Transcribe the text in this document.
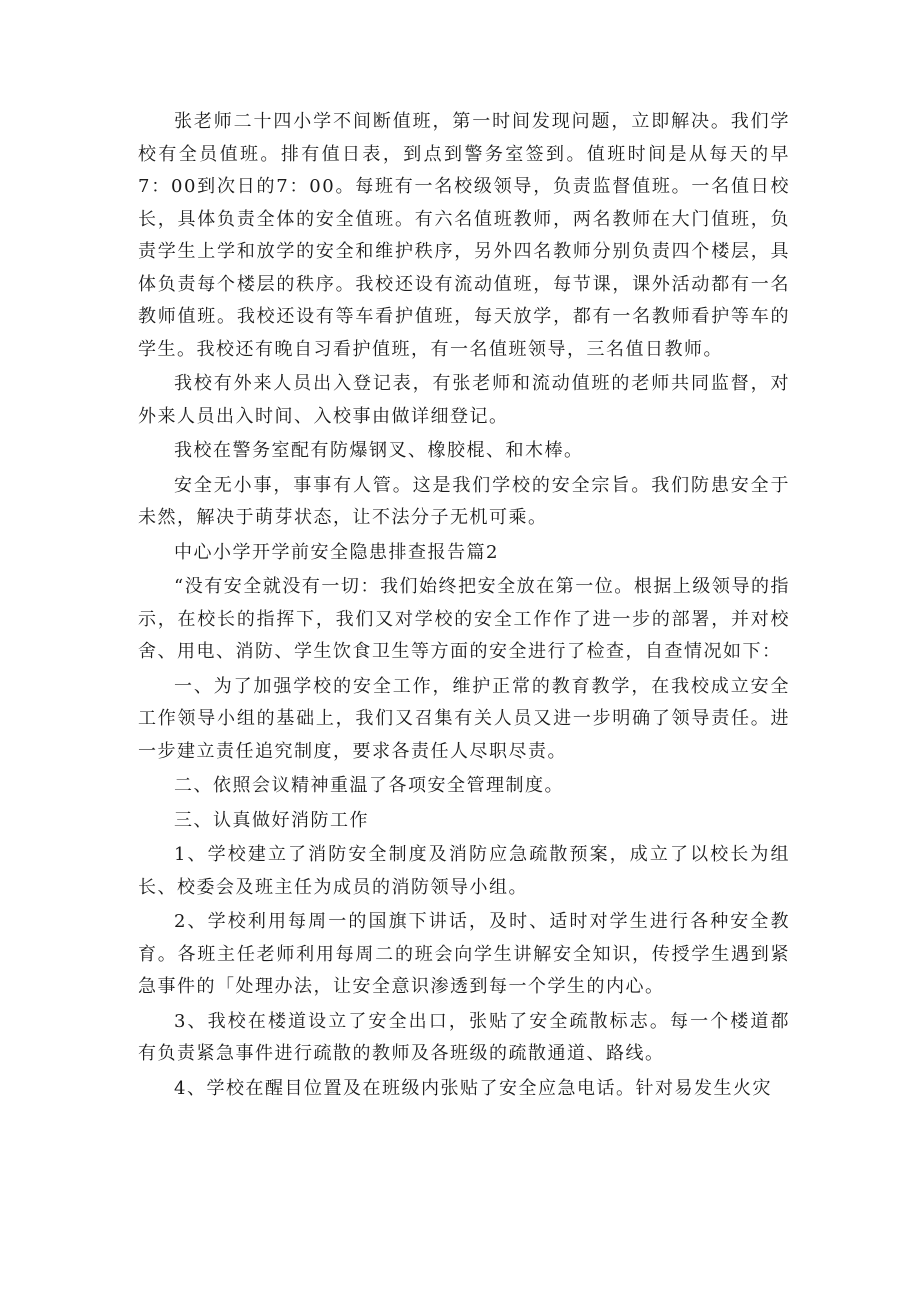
张老师二十四小学不间断值班，第一时间发现问题，立即解决。我们学校有全员值班。排有值日表，到点到警务室签到。值班时间是从每天的早7：00到次日的7：00。每班有一名校级领导，负责监督值班。一名值日校长，具体负责全体的安全值班。有六名值班教师，两名教师在大门值班，负责学生上学和放学的安全和维护秩序，另外四名教师分别负责四个楼层，具体负责每个楼层的秩序。我校还设有流动值班，每节课，课外活动都有一名教师值班。我校还设有等车看护值班，每天放学，都有一名教师看护等车的学生。我校还有晚自习看护值班，有一名值班领导，三名值日教师。

我校有外来人员出入登记表，有张老师和流动值班的老师共同监督，对外来人员出入时间、入校事由做详细登记。

我校在警务室配有防爆钢叉、橡胶棍、和木棒。

安全无小事，事事有人管。这是我们学校的安全宗旨。我们防患安全于未然，解决于萌芽状态，让不法分子无机可乘。

中心小学开学前安全隐患排查报告篇2

“没有安全就没有一切：我们始终把安全放在第一位。根据上级领导的指示，在校长的指挥下，我们又对学校的安全工作作了进一步的部署，并对校舍、用电、消防、学生饮食卫生等方面的安全进行了检查，自查情况如下：

一、为了加强学校的安全工作，维护正常的教育教学，在我校成立安全工作领导小组的基础上，我们又召集有关人员又进一步明确了领导责任。进一步建立责任追究制度，要求各责任人尽职尽责。

二、依照会议精神重温了各项安全管理制度。

三、认真做好消防工作

1、学校建立了消防安全制度及消防应急疏散预案，成立了以校长为组长、校委会及班主任为成员的消防领导小组。

2、学校利用每周一的国旗下讲话，及时、适时对学生进行各种安全教育。各班主任老师利用每周二的班会向学生讲解安全知识，传授学生遇到紧急事件的「处理办法，让安全意识渗透到每一个学生的内心。

3、我校在楼道设立了安全出口，张贴了安全疏散标志。每一个楼道都有负责紧急事件进行疏散的教师及各班级的疏散通道、路线。

4、学校在醒目位置及在班级内张贴了安全应急电话。针对易发生火灾
